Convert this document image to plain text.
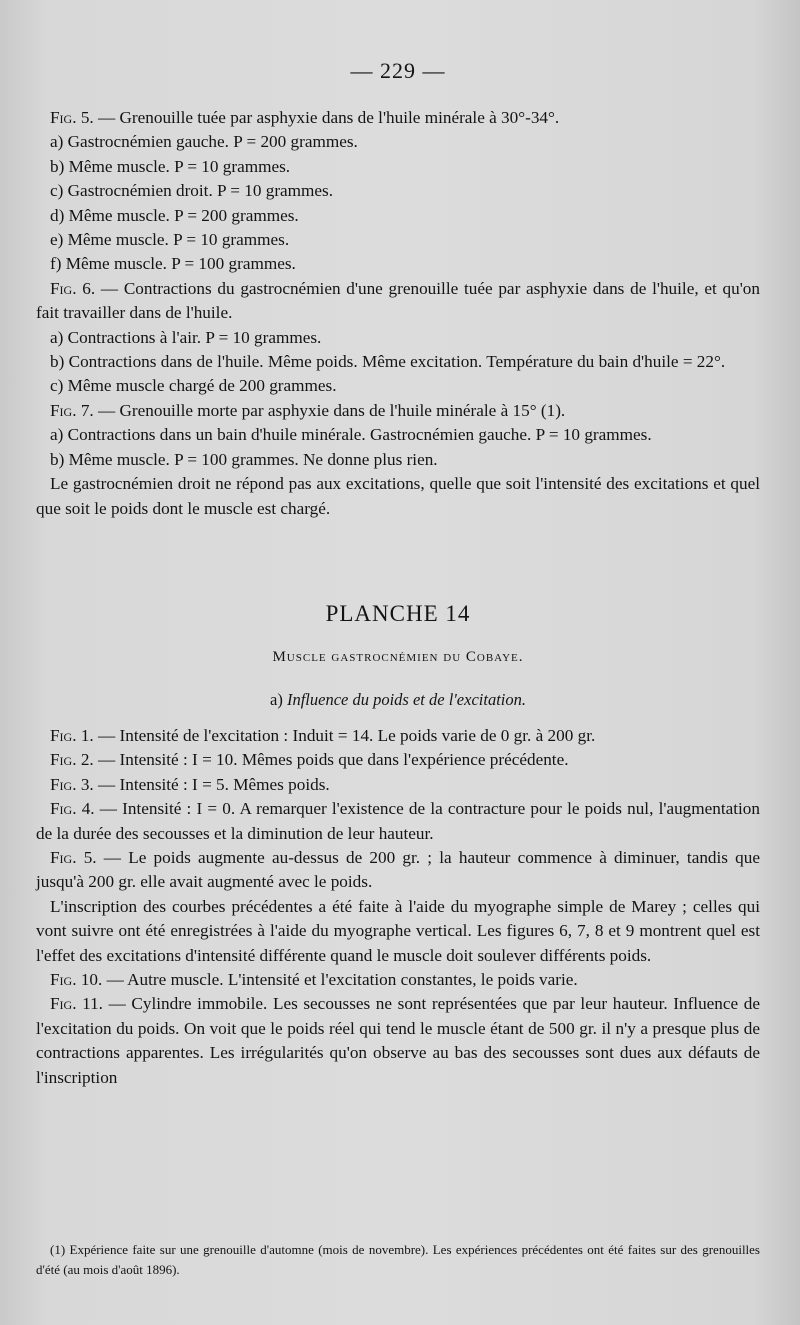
— 229 —

Fig. 5. — Grenouille tuée par asphyxie dans de l'huile minérale à 30°-34°.

a) Gastrocnémien gauche. P = 200 grammes.

b) Même muscle. P = 10 grammes.

c) Gastrocnémien droit. P = 10 grammes.

d) Même muscle. P = 200 grammes.

e) Même muscle. P = 10 grammes.

f) Même muscle. P = 100 grammes.

Fig. 6. — Contractions du gastrocnémien d'une grenouille tuée par asphyxie dans de l'huile, et qu'on fait travailler dans de l'huile.

a) Contractions à l'air. P = 10 grammes.

b) Contractions dans de l'huile. Même poids. Même excitation. Température du bain d'huile = 22°.

c) Même muscle chargé de 200 grammes.

Fig. 7. — Grenouille morte par asphyxie dans de l'huile minérale à 15° (1).

a) Contractions dans un bain d'huile minérale. Gastrocnémien gauche. P = 10 grammes.

b) Même muscle. P = 100 grammes. Ne donne plus rien.

Le gastrocnémien droit ne répond pas aux excitations, quelle que soit l'intensité des excitations et quel que soit le poids dont le muscle est chargé.

PLANCHE 14
Muscle gastrocnémien du Cobaye.
a) Influence du poids et de l'excitation.

Fig. 1. — Intensité de l'excitation : Induit = 14. Le poids varie de 0 gr. à 200 gr.

Fig. 2. — Intensité : I = 10. Mêmes poids que dans l'expérience précédente.

Fig. 3. — Intensité : I = 5. Mêmes poids.

Fig. 4. — Intensité : I = 0. A remarquer l'existence de la contracture pour le poids nul, l'augmentation de la durée des secousses et la diminution de leur hauteur.

Fig. 5. — Le poids augmente au-dessus de 200 gr. ; la hauteur commence à diminuer, tandis que jusqu'à 200 gr. elle avait augmenté avec le poids.

L'inscription des courbes précédentes a été faite à l'aide du myographe simple de Marey ; celles qui vont suivre ont été enregistrées à l'aide du myographe vertical. Les figures 6, 7, 8 et 9 montrent quel est l'effet des excitations d'intensité différente quand le muscle doit soulever différents poids.

Fig. 10. — Autre muscle. L'intensité et l'excitation constantes, le poids varie.

Fig. 11. — Cylindre immobile. Les secousses ne sont représentées que par leur hauteur. Influence de l'excitation du poids. On voit que le poids réel qui tend le muscle étant de 500 gr. il n'y a presque plus de contractions apparentes. Les irrégularités qu'on observe au bas des secousses sont dues aux défauts de l'inscription

(1) Expérience faite sur une grenouille d'automne (mois de novembre). Les expériences précédentes ont été faites sur des grenouilles d'été (au mois d'août 1896).
